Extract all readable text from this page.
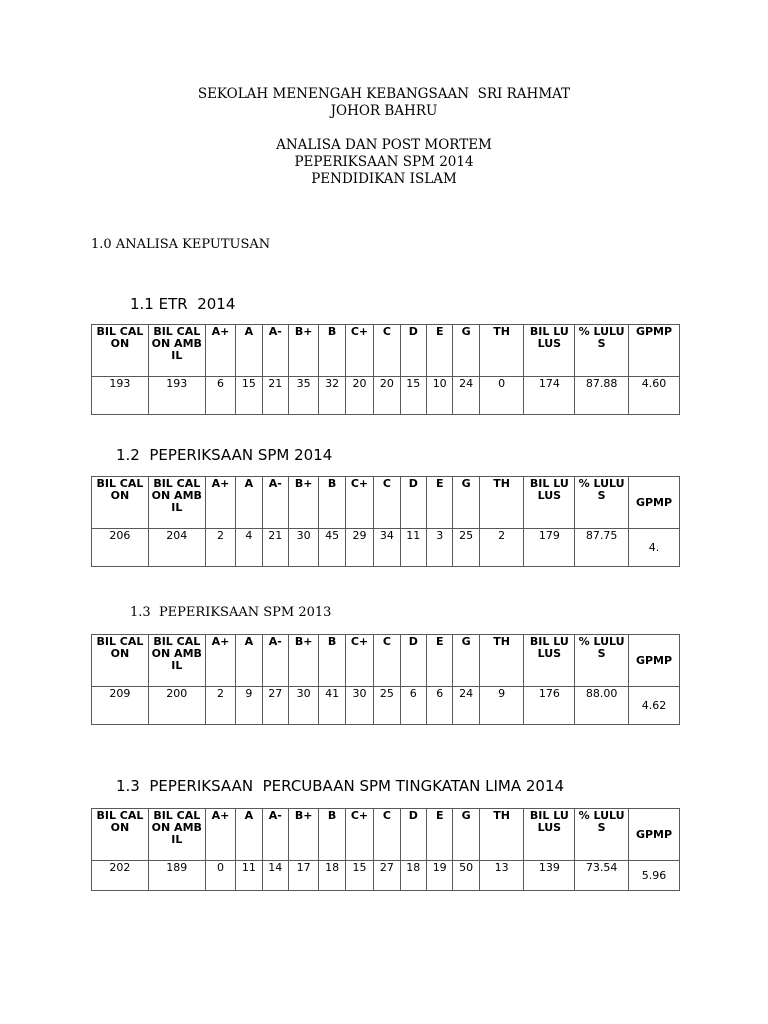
SEKOLAH MENENGAH KEBANGSAAN  SRI RAHMAT
JOHOR BAHRU
ANALISA DAN POST MORTEM
PEPERIKSAAN SPM 2014
PENDIDIKAN ISLAM
1.0 ANALISA KEPUTUSAN
1.1 ETR  2014
1.2  PEPERIKSAAN SPM 2014
1.3  PEPERIKSAAN SPM 2013
1.3  PEPERIKSAAN  PERCUBAAN SPM TINGKATAN LIMA 2014
BIL CALON	BIL CALON AMBIL	A+	A	A-	B+	B	C+	C	D	E	G	TH	BIL LULUS	% LULUS	GPMP
193	193	6	15	21	35	32	20	20	15	10	24	0	174	87.88	4.60
BIL CALON	BIL CALON AMBIL	A+	A	A-	B+	B	C+	C	D	E	G	TH	BIL LULUS	% LULUS	GPMP
206	204	2	4	21	30	45	29	34	11	3	25	2	179	87.75	4.
BIL CALON	BIL CALON AMBIL	A+	A	A-	B+	B	C+	C	D	E	G	TH	BIL LULUS	% LULUS	GPMP
209	200	2	9	27	30	41	30	25	6	6	24	9	176	88.00	4.62
BIL CALON	BIL CALON AMBIL	A+	A	A-	B+	B	C+	C	D	E	G	TH	BIL LULUS	% LULUS	GPMP
202	189	0	11	14	17	18	15	27	18	19	50	13	139	73.54	5.96
